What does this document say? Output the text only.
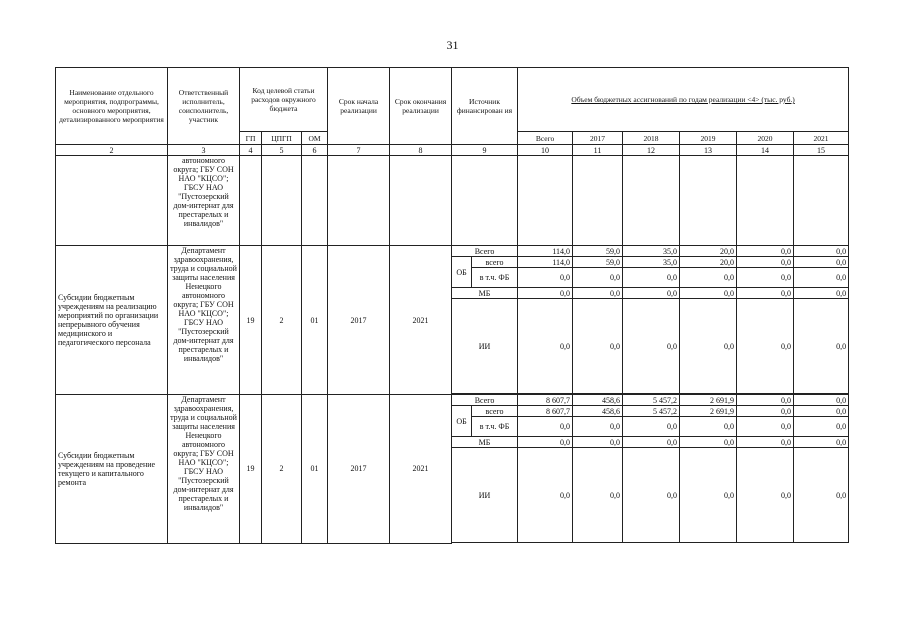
31
Наименование отдельного мероприятия, подпрограммы, основного мероприятия, детализированного мероприятия	Ответственный исполнитель, соисполнитель, участник	Код целевой статьи расходов окружного бюджета			Срок начала реализации	Срок окончания реализации	Источник финансирован ия		Объем бюджетных ассигнований по годам реализации <4> (тыс. руб.)					
		ГП	ЦПГП	ОМ					Всего	2017	2018	2019	2020	2021
2	3	4	5	6	7	8	9		10	11	12	13	14	15
	автономного округа; ГБУ СОН НАО "КЦСО"; ГБСУ НАО "Пустозерский дом-интернат для престарелых и инвалидов"													
Субсидии бюджетным учреждениям на реализацию мероприятий по организации непрерывного обучения медицинского и педагогического персонала	Департамент здравоохранения, труда и социальной защиты населения Ненецкого автономного округа; ГБУ СОН НАО "КЦСО"; ГБСУ НАО "Пустозерский дом-интернат для престарелых и инвалидов"	19	2	01	2017	2021	Всего		114,0	59,0	35,0	20,0	0,0	0,0
							ОБ	всего	114,0	59,0	35,0	20,0	0,0	0,0
								в т.ч. ФБ	0,0	0,0	0,0	0,0	0,0	0,0
							МБ		0,0	0,0	0,0	0,0	0,0	0,0
							ИИ		0,0	0,0	0,0	0,0	0,0	0,0

Субсидии бюджетным учреждениям на проведение текущего и капитального ремонта	Департамент здравоохранения, труда и социальной защиты населения Ненецкого автономного округа; ГБУ СОН НАО "КЦСО"; ГБСУ НАО "Пустозерский дом-интернат для престарелых и инвалидов"	19	2	01	2017	2021	Всего		8 607,7	458,6	5 457,2	2 691,9	0,0	0,0
							ОБ	всего	8 607,7	458,6	5 457,2	2 691,9	0,0	0,0
								в т.ч. ФБ	0,0	0,0	0,0	0,0	0,0	0,0
							МБ		0,0	0,0	0,0	0,0	0,0	0,0
							ИИ		0,0	0,0	0,0	0,0	0,0	0,0
